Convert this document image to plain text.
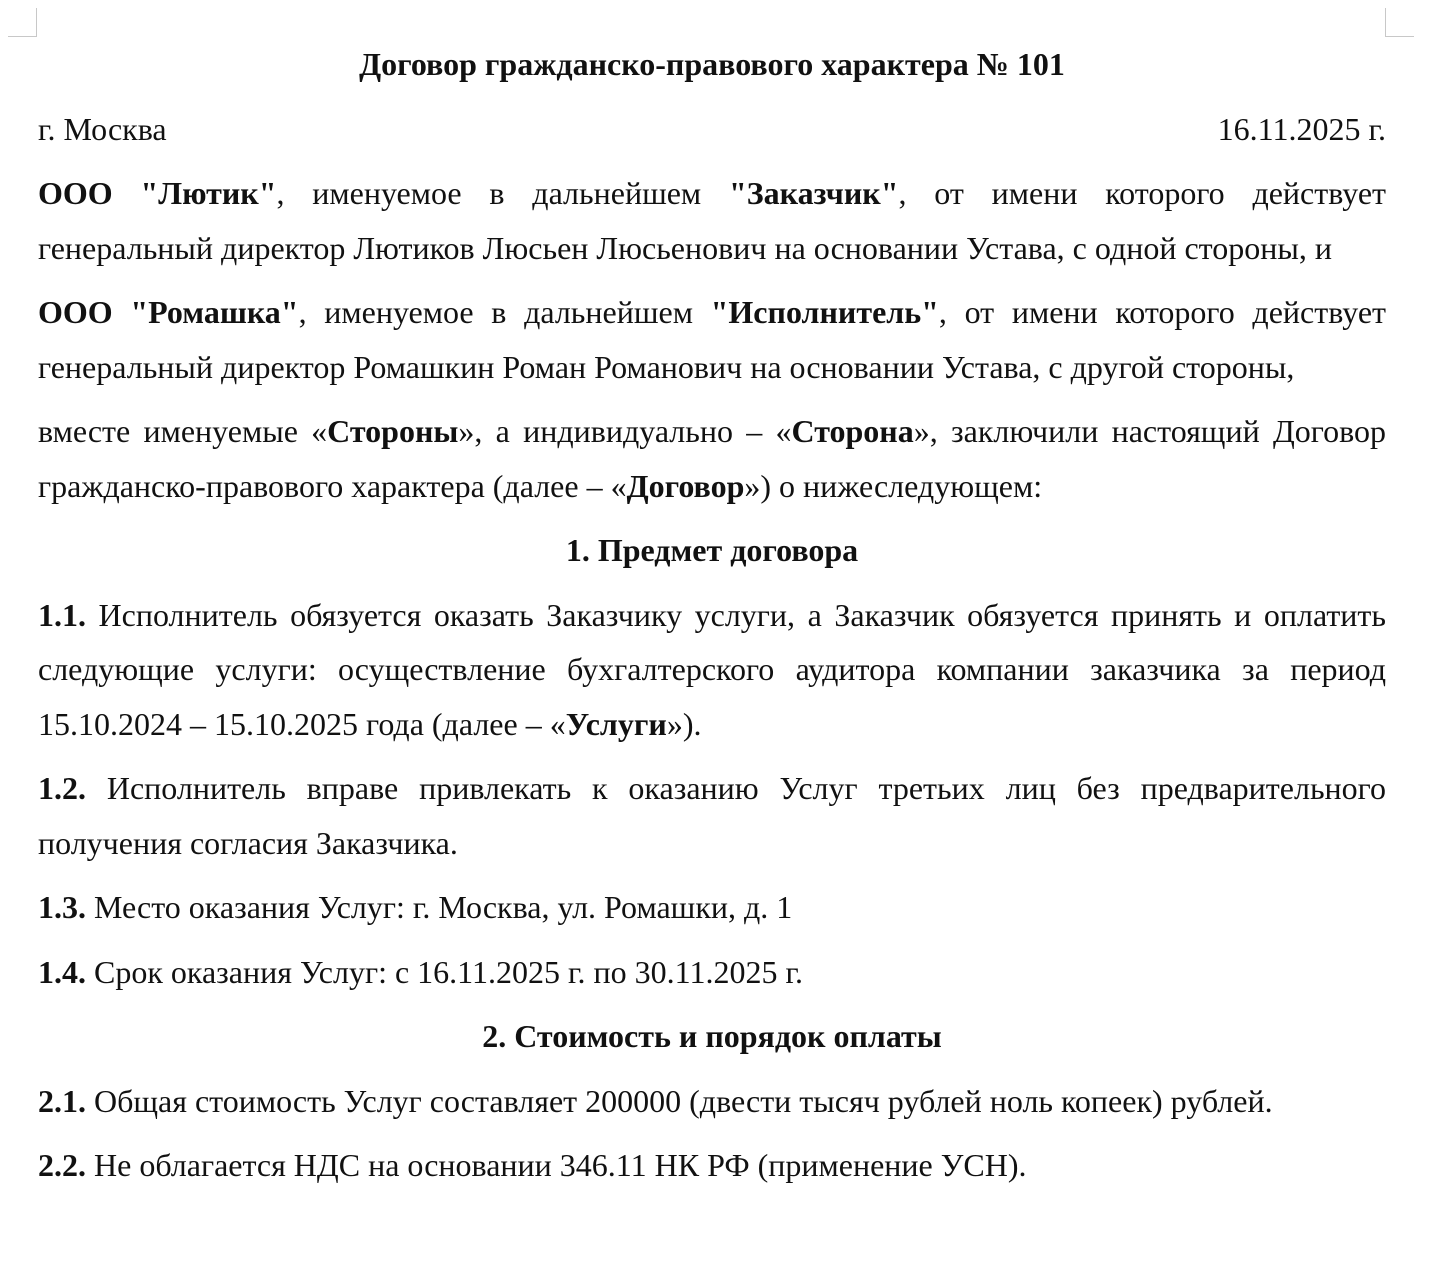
Договор гражданско-правового характера № 101
г. Москва	16.11.2025 г.

ООО "Лютик", именуемое в дальнейшем "Заказчик", от имени которого действует генеральный директор Лютиков Люсьен Люсьенович на основании Устава, с одной стороны, и

ООО "Ромашка", именуемое в дальнейшем "Исполнитель", от имени которого действует генеральный директор Ромашкин Роман Романович на основании Устава, с другой стороны,

вместе именуемые «Стороны», а индивидуально – «Сторона», заключили настоящий Договор гражданско-правового характера (далее – «Договор») о нижеследующем:

1. Предмет договора

1.1. Исполнитель обязуется оказать Заказчику услуги, а Заказчик обязуется принять и оплатить следующие услуги: осуществление бухгалтерского аудитора компании заказчика за период 15.10.2024 – 15.10.2025 года (далее – «Услуги»).

1.2. Исполнитель вправе привлекать к оказанию Услуг третьих лиц без предварительного получения согласия Заказчика.

1.3. Место оказания Услуг: г. Москва, ул. Ромашки, д. 1

1.4. Срок оказания Услуг: с 16.11.2025 г. по 30.11.2025 г.

2. Стоимость и порядок оплаты

2.1. Общая стоимость Услуг составляет 200000 (двести тысяч рублей ноль копеек) рублей.

2.2. Не облагается НДС на основании 346.11 НК РФ (применение УСН).
